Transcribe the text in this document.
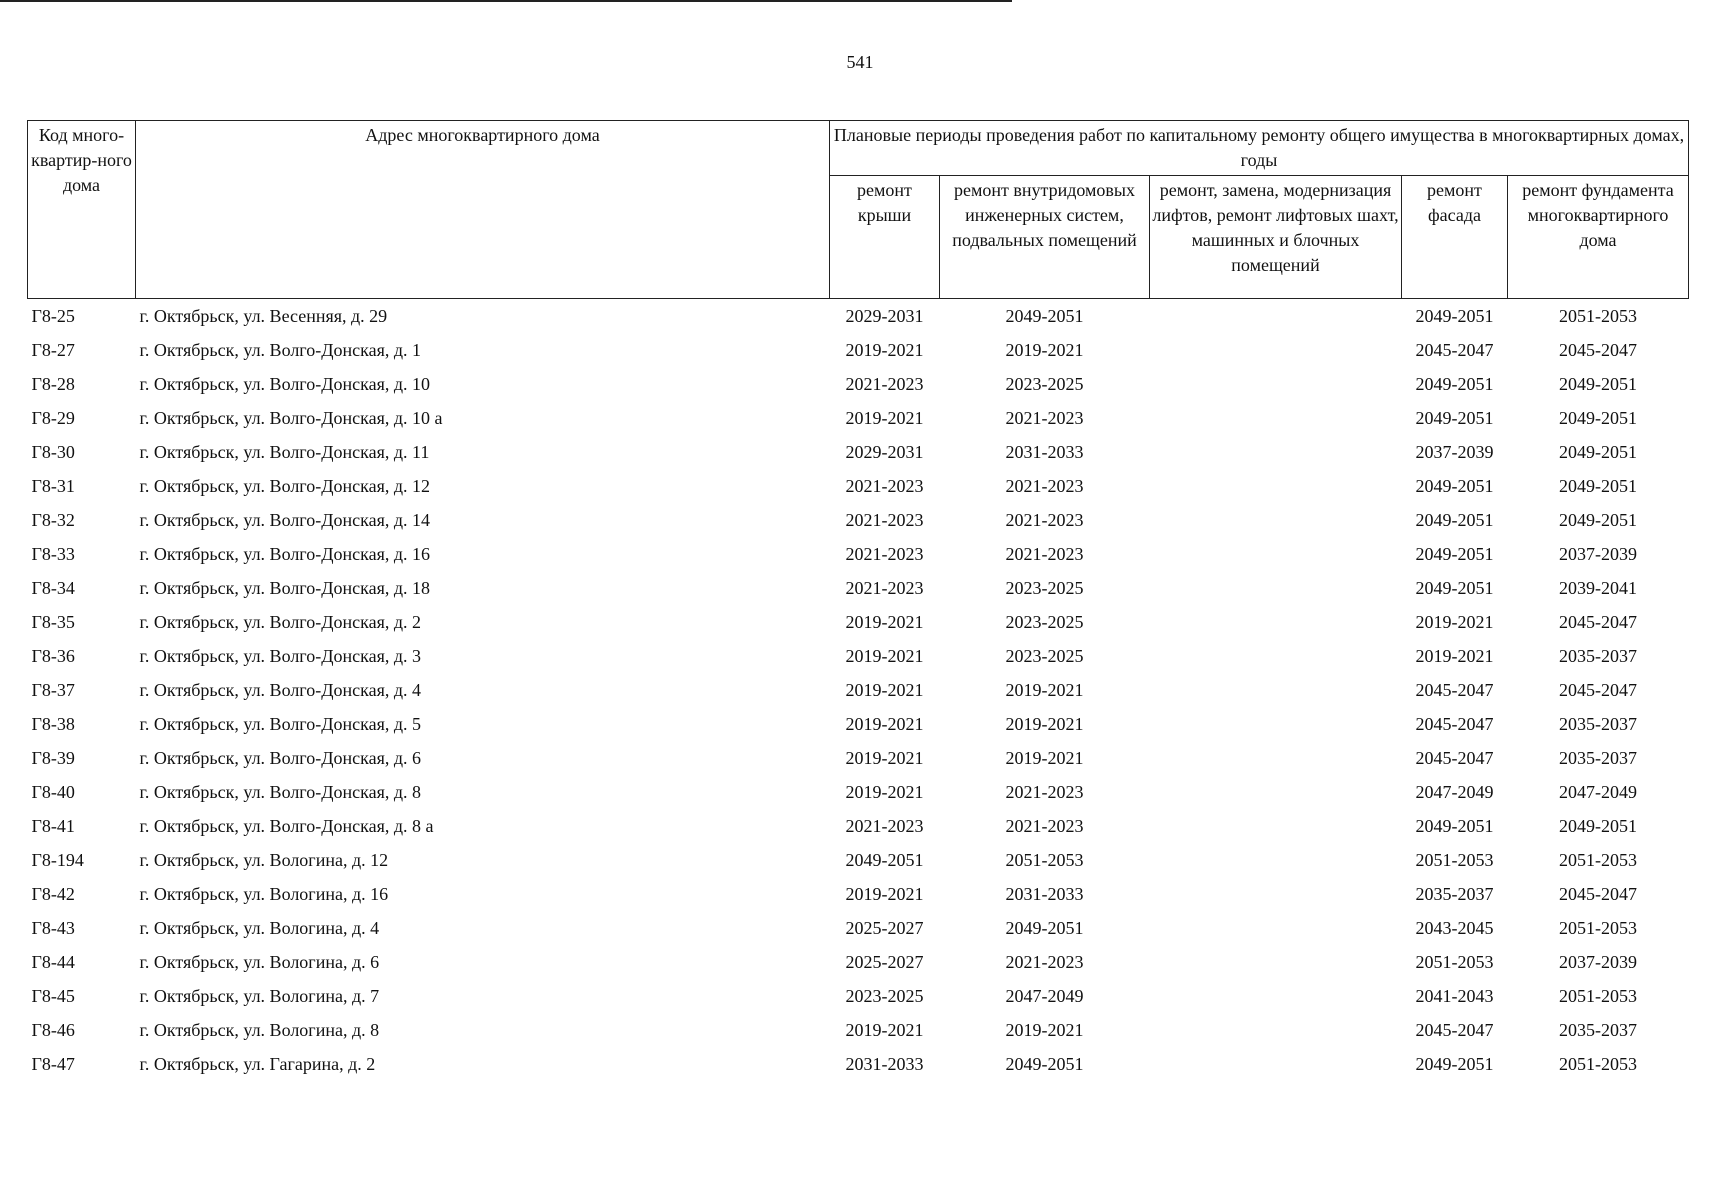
541
Код много-квартир-ного дома	Адрес многоквартирного дома	Плановые периоды проведения работ по капитальному ремонту общего имущества в многоквартирных домах, годы				
		ремонт крыши	ремонт внутридомовых инженерных систем, подвальных помещений	ремонт, замена, модернизация лифтов, ремонт лифтовых шахт, машинных и блочных помещений	ремонт фасада	ремонт фундамента многоквартирного дома
Г8-25	г. Октябрьск, ул. Весенняя, д. 29	2029-2031	2049-2051		2049-2051	2051-2053
Г8-27	г. Октябрьск, ул. Волго-Донская, д. 1	2019-2021	2019-2021		2045-2047	2045-2047
Г8-28	г. Октябрьск, ул. Волго-Донская, д. 10	2021-2023	2023-2025		2049-2051	2049-2051
Г8-29	г. Октябрьск, ул. Волго-Донская, д. 10 а	2019-2021	2021-2023		2049-2051	2049-2051
Г8-30	г. Октябрьск, ул. Волго-Донская, д. 11	2029-2031	2031-2033		2037-2039	2049-2051
Г8-31	г. Октябрьск, ул. Волго-Донская, д. 12	2021-2023	2021-2023		2049-2051	2049-2051
Г8-32	г. Октябрьск, ул. Волго-Донская, д. 14	2021-2023	2021-2023		2049-2051	2049-2051
Г8-33	г. Октябрьск, ул. Волго-Донская, д. 16	2021-2023	2021-2023		2049-2051	2037-2039
Г8-34	г. Октябрьск, ул. Волго-Донская, д. 18	2021-2023	2023-2025		2049-2051	2039-2041
Г8-35	г. Октябрьск, ул. Волго-Донская, д. 2	2019-2021	2023-2025		2019-2021	2045-2047
Г8-36	г. Октябрьск, ул. Волго-Донская, д. 3	2019-2021	2023-2025		2019-2021	2035-2037
Г8-37	г. Октябрьск, ул. Волго-Донская, д. 4	2019-2021	2019-2021		2045-2047	2045-2047
Г8-38	г. Октябрьск, ул. Волго-Донская, д. 5	2019-2021	2019-2021		2045-2047	2035-2037
Г8-39	г. Октябрьск, ул. Волго-Донская, д. 6	2019-2021	2019-2021		2045-2047	2035-2037
Г8-40	г. Октябрьск, ул. Волго-Донская, д. 8	2019-2021	2021-2023		2047-2049	2047-2049
Г8-41	г. Октябрьск, ул. Волго-Донская, д. 8 а	2021-2023	2021-2023		2049-2051	2049-2051
Г8-194	г. Октябрьск, ул. Вологина, д. 12	2049-2051	2051-2053		2051-2053	2051-2053
Г8-42	г. Октябрьск, ул. Вологина, д. 16	2019-2021	2031-2033		2035-2037	2045-2047
Г8-43	г. Октябрьск, ул. Вологина, д. 4	2025-2027	2049-2051		2043-2045	2051-2053
Г8-44	г. Октябрьск, ул. Вологина, д. 6	2025-2027	2021-2023		2051-2053	2037-2039
Г8-45	г. Октябрьск, ул. Вологина, д. 7	2023-2025	2047-2049		2041-2043	2051-2053
Г8-46	г. Октябрьск, ул. Вологина, д. 8	2019-2021	2019-2021		2045-2047	2035-2037
Г8-47	г. Октябрьск, ул. Гагарина, д. 2	2031-2033	2049-2051		2049-2051	2051-2053
